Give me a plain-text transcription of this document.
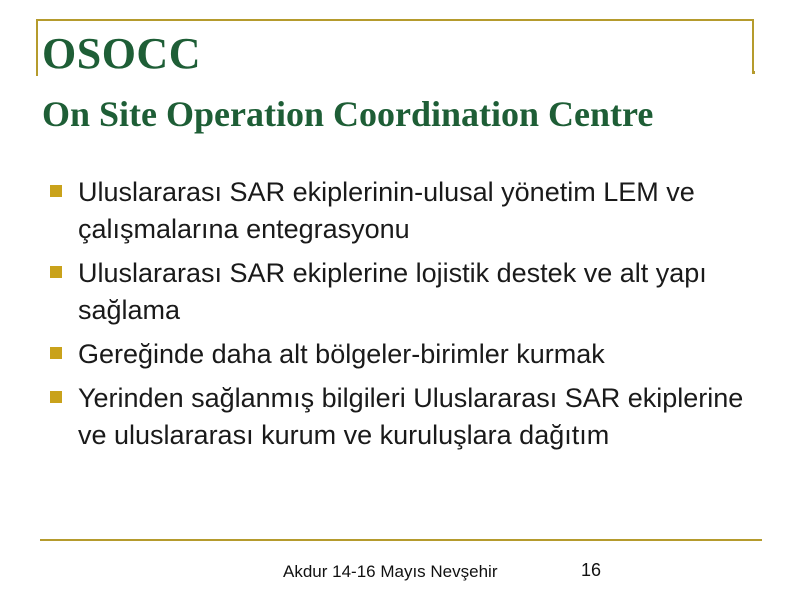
OSOCC
On Site Operation Coordination Centre
Uluslararası SAR ekiplerinin-ulusal yönetim LEM ve çalışmalarına entegrasyonu
Uluslararası SAR ekiplerine lojistik destek ve alt yapı sağlama
Gereğinde daha alt bölgeler-birimler kurmak
Yerinden sağlanmış bilgileri Uluslararası SAR ekiplerine ve uluslararası kurum ve kuruluşlara dağıtım
Akdur 14-16 Mayıs Nevşehir	16
